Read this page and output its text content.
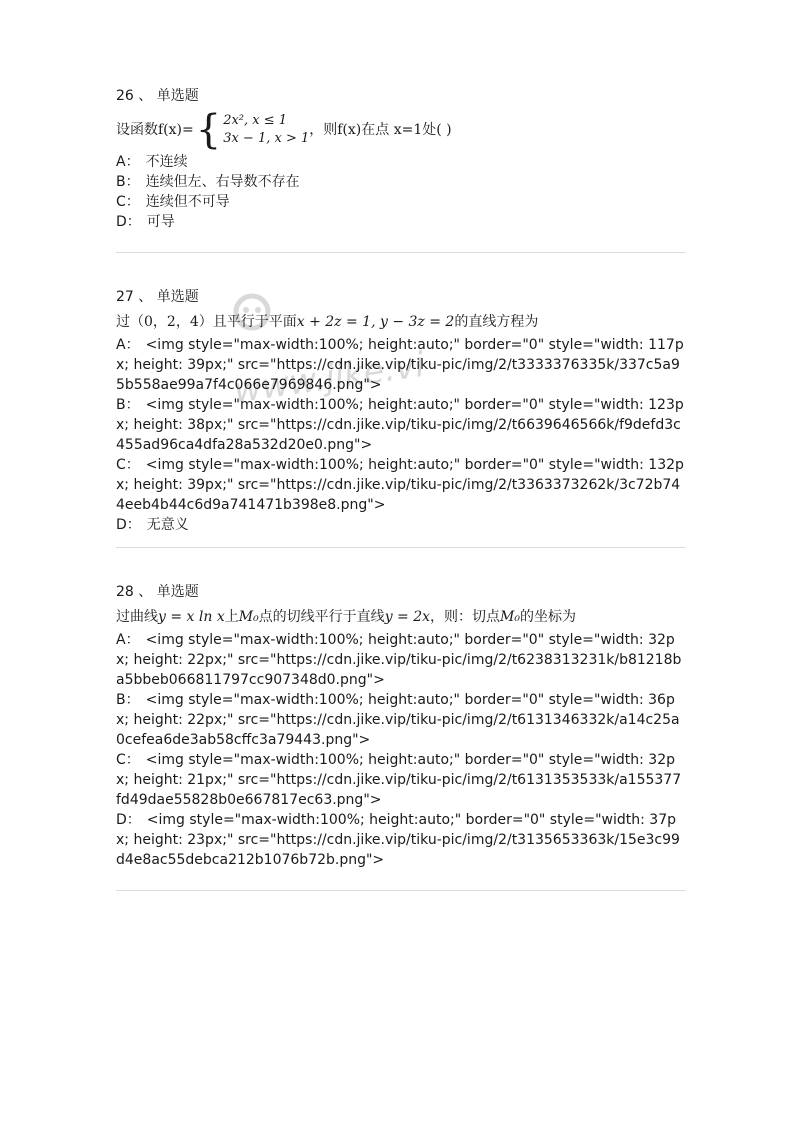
www.jike.vip
26 、 单选题
设函数f(x)= { 2x², x ≤ 1
3x − 1, x > 1
，则f(x)在点 x=1处( )
A： 不连续
B： 连续但左、右导数不存在
C： 连续但不可导
D： 可导
27 、 单选题
过（0，2，4）且平行于平面x + 2z = 1, y − 3z = 2的直线方程为
A： <img style="max-width:100%; height:auto;" border="0" style="width: 117px; height: 39px;" src="https://cdn.jike.vip/tiku-pic/img/2/t3333376335k/337c5a95b558ae99a7f4c066e7969846.png">
B： <img style="max-width:100%; height:auto;" border="0" style="width: 123px; height: 38px;" src="https://cdn.jike.vip/tiku-pic/img/2/t6639646566k/f9defd3c455ad96ca4dfa28a532d20e0.png">
C： <img style="max-width:100%; height:auto;" border="0" style="width: 132px; height: 39px;" src="https://cdn.jike.vip/tiku-pic/img/2/t3363373262k/3c72b744eeb4b44c6d9a741471b398e8.png">
D： 无意义
28 、 单选题
过曲线y = x ln x上M₀点的切线平行于直线y = 2x，则：切点M₀的坐标为
A： <img style="max-width:100%; height:auto;" border="0" style="width: 32px; height: 22px;" src="https://cdn.jike.vip/tiku-pic/img/2/t6238313231k/b81218ba5bbeb066811797cc907348d0.png">
B： <img style="max-width:100%; height:auto;" border="0" style="width: 36px; height: 22px;" src="https://cdn.jike.vip/tiku-pic/img/2/t6131346332k/a14c25a0cefea6de3ab58cffc3a79443.png">
C： <img style="max-width:100%; height:auto;" border="0" style="width: 32px; height: 21px;" src="https://cdn.jike.vip/tiku-pic/img/2/t6131353533k/a155377fd49dae55828b0e667817ec63.png">
D： <img style="max-width:100%; height:auto;" border="0" style="width: 37px; height: 23px;" src="https://cdn.jike.vip/tiku-pic/img/2/t3135653363k/15e3c99d4e8ac55debca212b1076b72b.png">
